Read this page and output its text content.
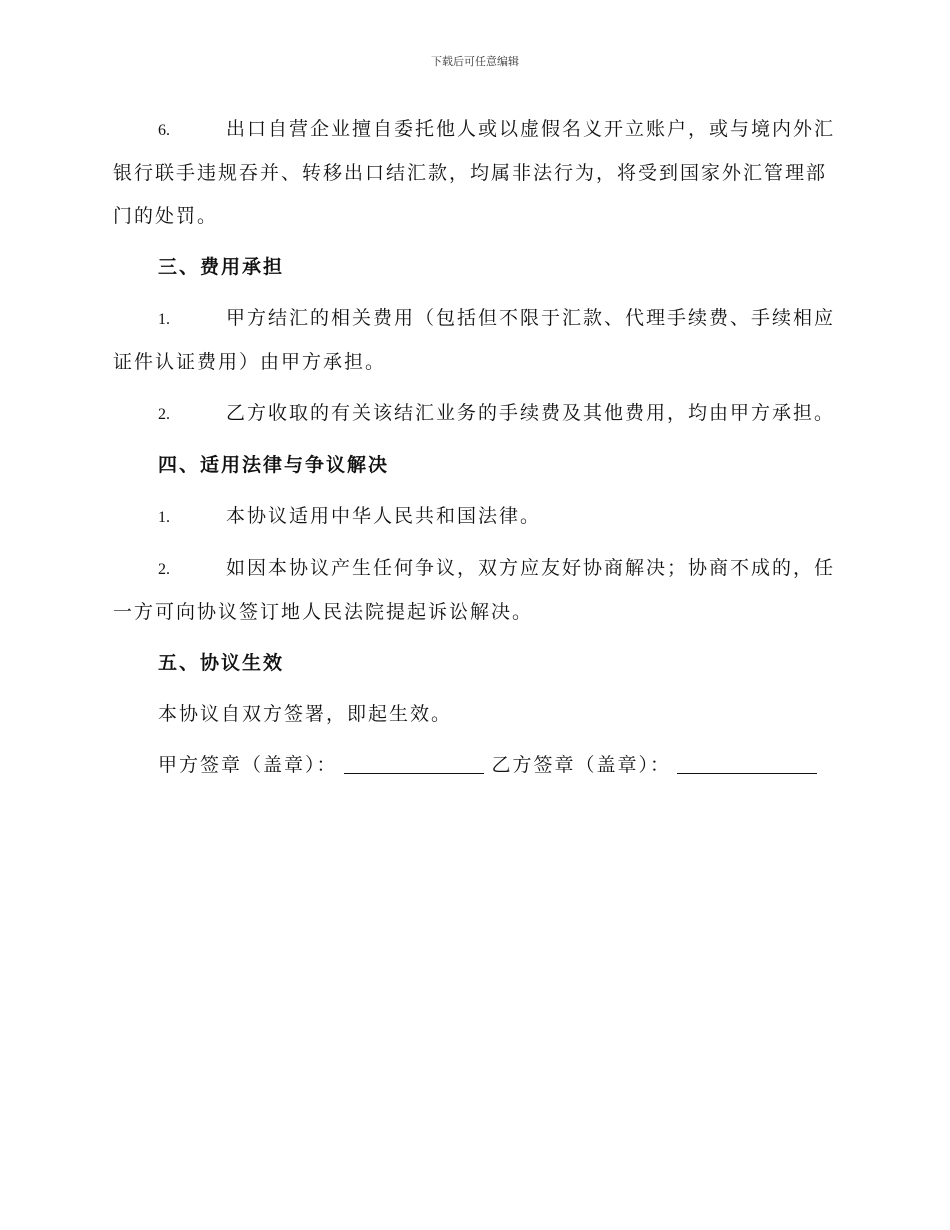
下载后可任意编辑
6.	出口自营企业擅自委托他人或以虚假名义开立账户，或与境内外汇银行联手违规吞并、转移出口结汇款，均属非法行为，将受到国家外汇管理部门的处罚。
三、费用承担
1.	甲方结汇的相关费用（包括但不限于汇款、代理手续费、手续相应证件认证费用）由甲方承担。
2.	乙方收取的有关该结汇业务的手续费及其他费用，均由甲方承担。
四、适用法律与争议解决
1.	本协议适用中华人民共和国法律。
2.	如因本协议产生任何争议，双方应友好协商解决；协商不成的，任一方可向协议签订地人民法院提起诉讼解决。
五、协议生效
本协议自双方签署，即起生效。
甲方签章（盖章）：	乙方签章（盖章）：
